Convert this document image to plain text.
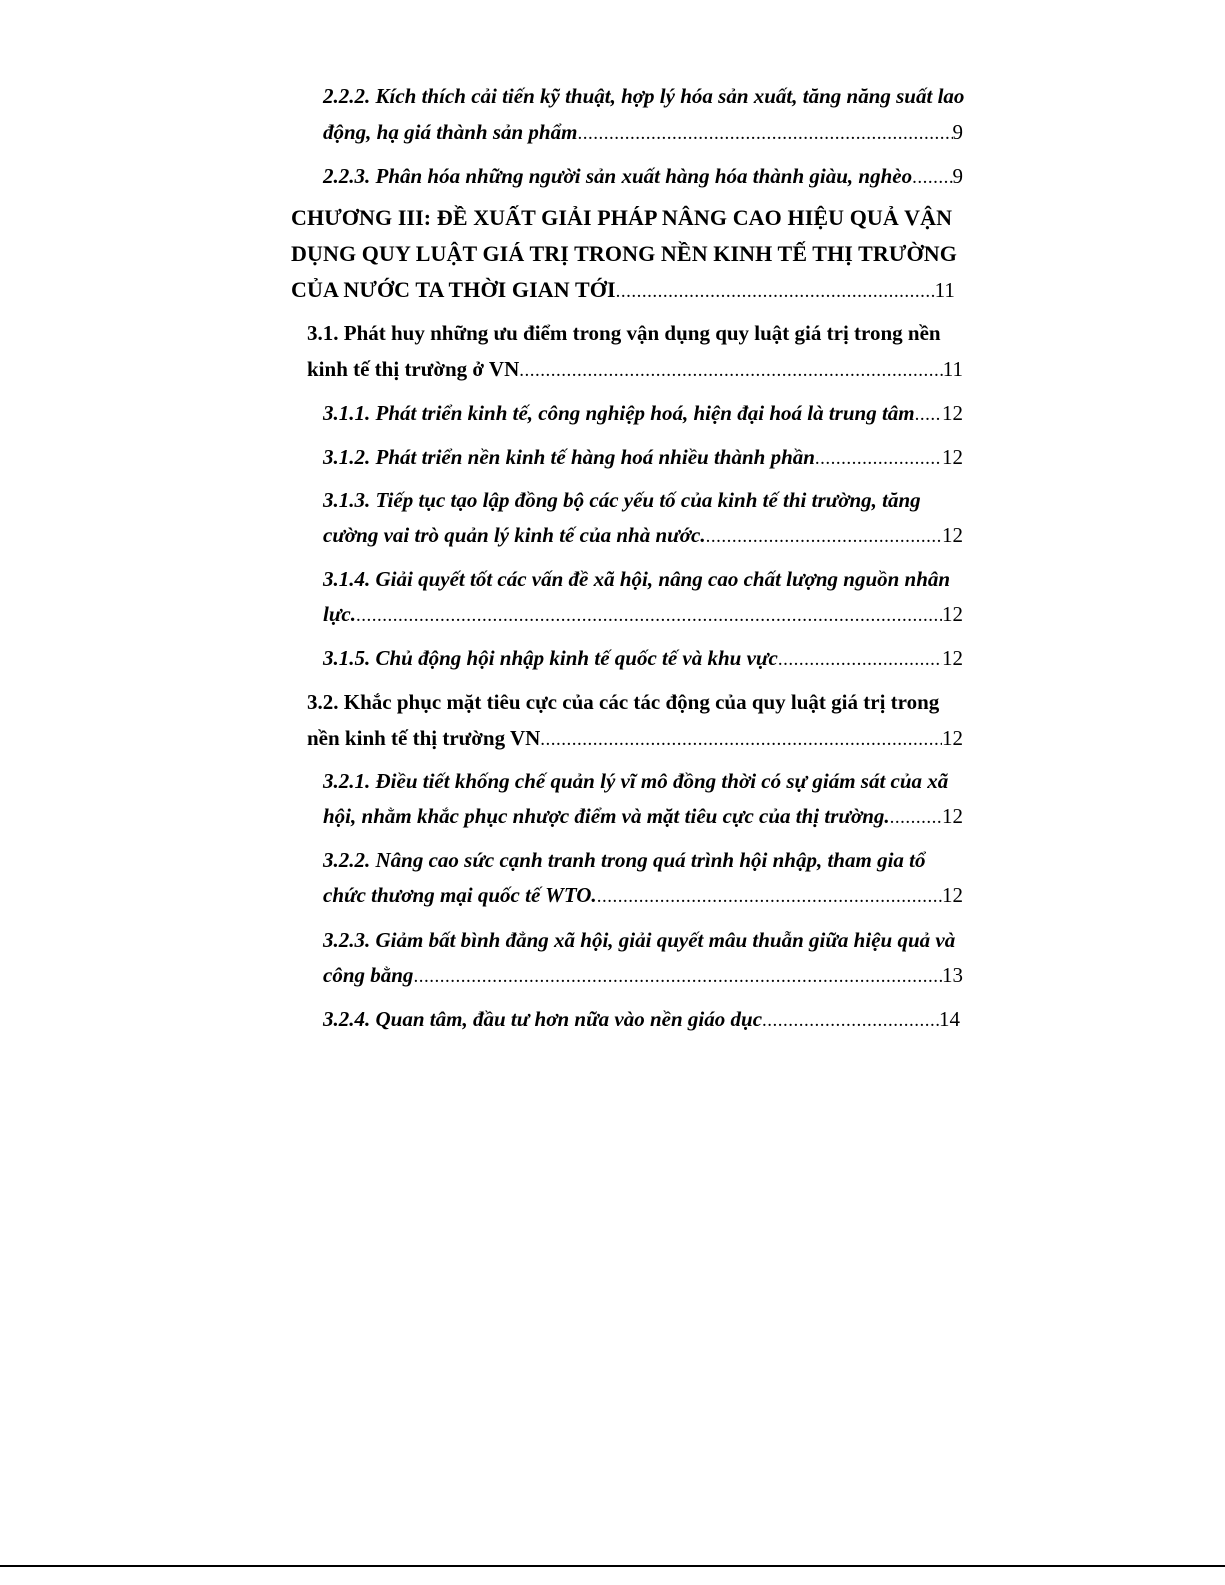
2.2.2. Kích thích cải tiến kỹ thuật, hợp lý hóa sản xuất, tăng năng suất lao
động, hạ giá thành sản phẩm .....	9
2.2.3. Phân hóa những người sản xuất hàng hóa thành giàu, nghèo ..... 9
CHƯƠNG III: ĐỀ XUẤT GIẢI PHÁP NÂNG CAO HIỆU QUẢ VẬN
DỤNG QUY LUẬT GIÁ TRỊ TRONG NỀN KINH TẾ THỊ TRƯỜNG
CỦA NƯỚC TA THỜI GIAN TỚI .....	11
3.1. Phát huy những ưu điểm trong vận dụng quy luật giá trị trong nền
kinh tế thị trường ở VN .....	11
3.1.1. Phát triển kinh tế, công nghiệp hoá, hiện đại hoá là trung tâm ..... 12
3.1.2. Phát triển nền kinh tế hàng hoá nhiều thành phần .....	12
3.1.3. Tiếp tục tạo lập đồng bộ các yếu tố của kinh tế thi trường, tăng
cường vai trò quản lý kinh tế của nhà nước. .....	12
3.1.4. Giải quyết tốt các vấn đề xã hội, nâng cao chất lượng nguồn nhân
lực. .....	12
3.1.5. Chủ động hội nhập kinh tế quốc tế và khu vực .....	12
3.2. Khắc phục mặt tiêu cực của các tác động của quy luật giá trị trong
nền kinh tế thị trường VN .....	12
3.2.1. Điều tiết khống chế quản lý vĩ mô đồng thời có sự giám sát của xã
hội, nhằm khắc phục nhược điểm và mặt tiêu cực của thị trường. ..... 12
3.2.2. Nâng cao sức cạnh tranh trong quá trình hội nhập, tham gia tổ
chức thương mại quốc tế WTO. .....	12
3.2.3. Giảm bất bình đẳng xã hội, giải quyết mâu thuẫn giữa hiệu quả và
công bằng .....	13
3.2.4. Quan tâm, đầu tư hơn nữa vào nền giáo dục .....	14
